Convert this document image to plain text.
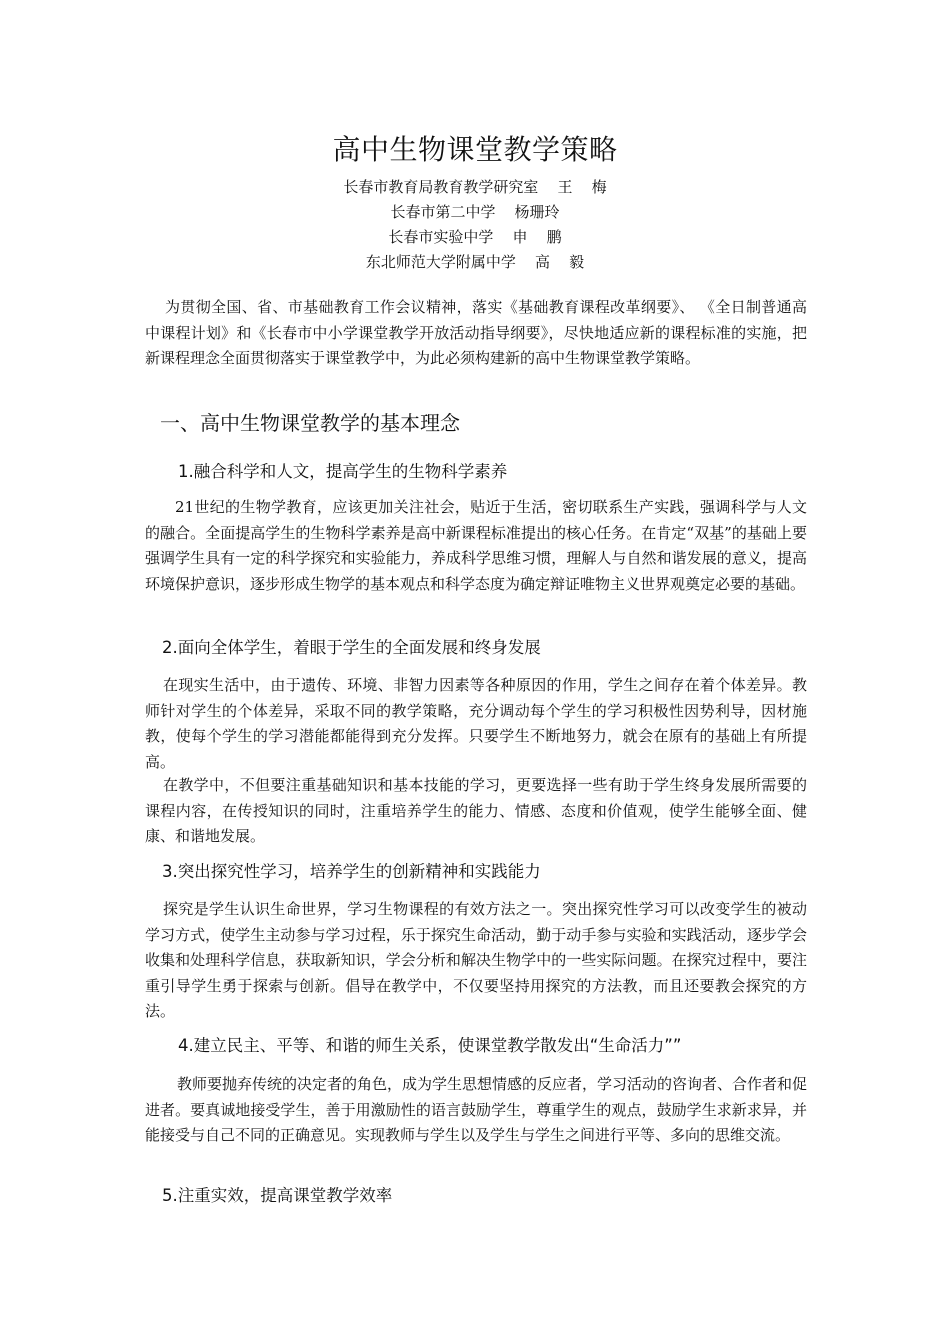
高中生物课堂教学策略
长春市教育局教育教学研究室    王    梅
长春市第二中学    杨珊玲
长春市实验中学    申    鹏
东北师范大学附属中学    高    毅

为贯彻全国、省、市基础教育工作会议精神，落实《基础教育课程改革纲要》、 《全日制普通高中课程计划》和《长春市中小学课堂教学开放活动指导纲要》，尽快地适应新的课程标准的实施，把新课程理念全面贯彻落实于课堂教学中，为此必须构建新的高中生物课堂教学策略。

一、高中生物课堂教学的基本理念
1.融合科学和人文，提高学生的生物科学素养

21世纪的生物学教育，应该更加关注社会，贴近于生活，密切联系生产实践，强调科学与人文的融合。全面提高学生的生物科学素养是高中新课程标准提出的核心任务。在肯定“双基”的基础上要强调学生具有一定的科学探究和实验能力，养成科学思维习惯，理解人与自然和谐发展的意义，提高环境保护意识，逐步形成生物学的基本观点和科学态度为确定辩证唯物主义世界观奠定必要的基础。

2.面向全体学生，着眼于学生的全面发展和终身发展

在现实生活中，由于遗传、环境、非智力因素等各种原因的作用，学生之间存在着个体差异。教师针对学生的个体差异，采取不同的教学策略，充分调动每个学生的学习积极性因势利导，因材施教，使每个学生的学习潜能都能得到充分发挥。只要学生不断地努力，就会在原有的基础上有所提高。

在教学中，不但要注重基础知识和基本技能的学习，更要选择一些有助于学生终身发展所需要的课程内容，在传授知识的同时，注重培养学生的能力、情感、态度和价值观，使学生能够全面、健康、和谐地发展。

3.突出探究性学习，培养学生的创新精神和实践能力

探究是学生认识生命世界，学习生物课程的有效方法之一。突出探究性学习可以改变学生的被动学习方式，使学生主动参与学习过程，乐于探究生命活动，勤于动手参与实验和实践活动，逐步学会收集和处理科学信息，获取新知识，学会分析和解决生物学中的一些实际问题。在探究过程中，要注重引导学生勇于探索与创新。倡导在教学中，不仅要坚持用探究的方法教，而且还要教会探究的方法。

4.建立民主、平等、和谐的师生关系，使课堂教学散发出“生命活力””

教师要抛弃传统的决定者的角色，成为学生思想情感的反应者，学习活动的咨询者、合作者和促进者。要真诚地接受学生，善于用激励性的语言鼓励学生，尊重学生的观点，鼓励学生求新求异，并能接受与自己不同的正确意见。实现教师与学生以及学生与学生之间进行平等、多向的思维交流。

5.注重实效，提高课堂教学效率
